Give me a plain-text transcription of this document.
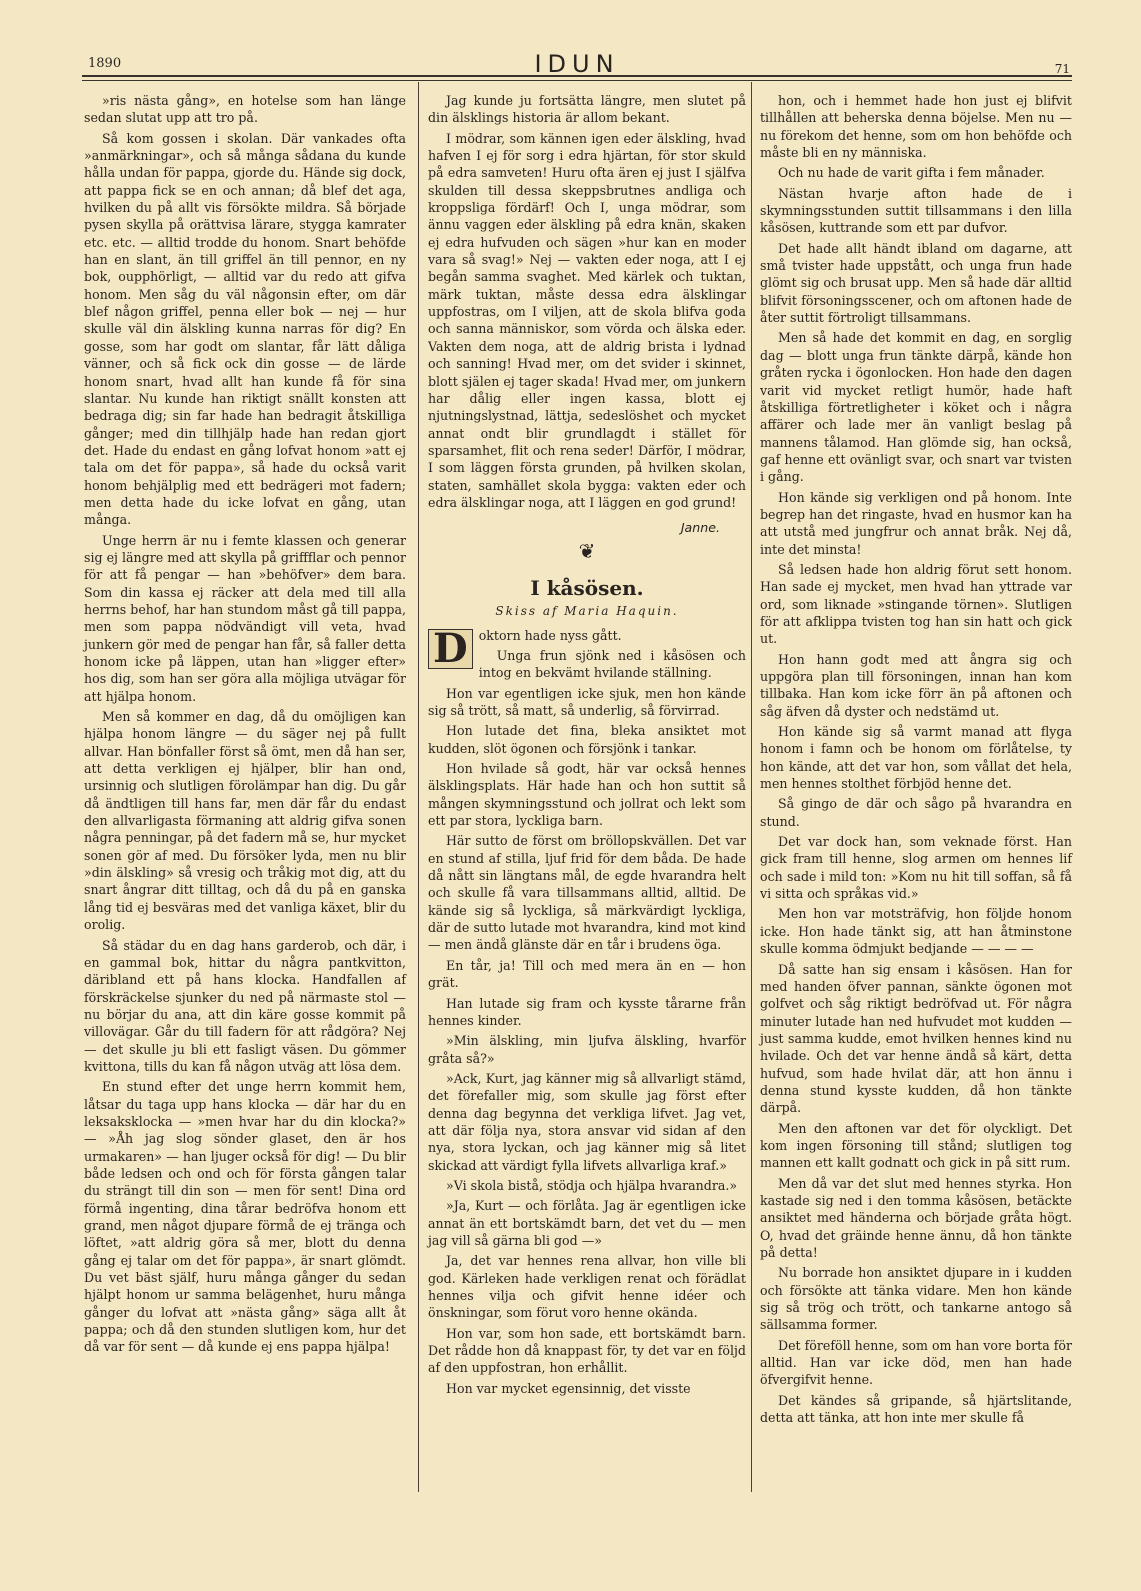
1890	IDUN	71

»ris nästa gång», en hotelse som han länge sedan slutat upp att tro på.

Så kom gossen i skolan. Där vankades ofta »anmärkningar», och så många sådana du kunde hålla undan för pappa, gjorde du. Hände sig dock, att pappa fick se en och annan; då blef det aga, hvilken du på allt vis försökte mildra. Så började pysen skylla på orättvisa lärare, stygga kamrater etc. etc. — alltid trodde du honom. Snart behöfde han en slant, än till griffel än till pennor, en ny bok, oupphörligt, — alltid var du redo att gifva honom. Men såg du väl någonsin efter, om där blef någon griffel, penna eller bok — nej — hur skulle väl din älskling kunna narras för dig? En gosse, som har godt om slantar, får lätt dåliga vänner, och så fick ock din gosse — de lärde honom snart, hvad allt han kunde få för sina slantar. Nu kunde han riktigt snällt konsten att bedraga dig; sin far hade han bedragit åtskilliga gånger; med din tillhjälp hade han redan gjort det. Hade du endast en gång lofvat honom »att ej tala om det för pappa», så hade du också varit honom behjälplig med ett bedrägeri mot fadern; men detta hade du icke lofvat en gång, utan många.

Unge herrn är nu i femte klassen och generar sig ej längre med att skylla på griffflar och pennor för att få pengar — han »behöfver» dem bara. Som din kassa ej räcker att dela med till alla herrns behof, har han stundom måst gå till pappa, men som pappa nödvändigt vill veta, hvad junkern gör med de pengar han får, så faller detta honom icke på läppen, utan han »ligger efter» hos dig, som han ser göra alla möjliga utvägar för att hjälpa honom.

Men så kommer en dag, då du omöjligen kan hjälpa honom längre — du säger nej på fullt allvar. Han bönfaller först så ömt, men då han ser, att detta verkligen ej hjälper, blir han ond, ursinnig och slutligen förolämpar han dig. Du går då ändtligen till hans far, men där får du endast den allvarligasta förmaning att aldrig gifva sonen några penningar, på det fadern må se, hur mycket sonen gör af med. Du försöker lyda, men nu blir »din älskling» så vresig och tråkig mot dig, att du snart ångrar ditt tilltag, och då du på en ganska lång tid ej besväras med det vanliga käxet, blir du orolig.

Så städar du en dag hans garderob, och där, i en gammal bok, hittar du några pantkvitton, däribland ett på hans klocka. Handfallen af förskräckelse sjunker du ned på närmaste stol — nu börjar du ana, att din käre gosse kommit på villovägar. Går du till fadern för att rådgöra? Nej — det skulle ju bli ett fasligt väsen. Du gömmer kvittona, tills du kan få någon utväg att lösa dem.

En stund efter det unge herrn kommit hem, låtsar du taga upp hans klocka — där har du en leksaksklocka — »men hvar har du din klocka?» — »Åh jag slog sönder glaset, den är hos urmakaren» — han ljuger också för dig! — Du blir både ledsen och ond och för första gången talar du strängt till din son — men för sent! Dina ord förmå ingenting, dina tårar bedröfva honom ett grand, men något djupare förmå de ej tränga och löftet, »att aldrig göra så mer, blott du denna gång ej talar om det för pappa», är snart glömdt. Du vet bäst själf, huru många gånger du sedan hjälpt honom ur samma belägenhet, huru många gånger du lofvat att »nästa gång» säga allt åt pappa; och då den stunden slutligen kom, hur det då var för sent — då kunde ej ens pappa hjälpa!

Jag kunde ju fortsätta längre, men slutet på din älsklings historia är allom bekant.

I mödrar, som kännen igen eder älskling, hvad hafven I ej för sorg i edra hjärtan, för stor skuld på edra samveten! Huru ofta ären ej just I själfva skulden till dessa skeppsbrutnes andliga och kroppsliga fördärf! Och I, unga mödrar, som ännu vaggen eder älskling på edra knän, skaken ej edra hufvuden och sägen »hur kan en moder vara så svag!» Nej — vakten eder noga, att I ej begån samma svaghet. Med kärlek och tuktan, märk tuktan, måste dessa edra älsklingar uppfostras, om I viljen, att de skola blifva goda och sanna människor, som vörda och älska eder. Vakten dem noga, att de aldrig brista i lydnad och sanning! Hvad mer, om det svider i skinnet, blott själen ej tager skada! Hvad mer, om junkern har dålig eller ingen kassa, blott ej njutningslystnad, lättja, sedeslöshet och mycket annat ondt blir grundlagdt i stället för sparsamhet, flit och rena seder! Därför, I mödrar, I som läggen första grunden, på hvilken skolan, staten, samhället skola bygga: vakten eder och edra älsklingar noga, att I läggen en god grund!

Janne.
❦
I kåsösen.
Skiss af Maria Haquin.

D oktorn hade nyss gått.

Unga frun sjönk ned i kåsösen och intog en bekvämt hvilande ställning.

Hon var egentligen icke sjuk, men hon kände sig så trött, så matt, så underlig, så förvirrad.

Hon lutade det fina, bleka ansiktet mot kudden, slöt ögonen och försjönk i tankar.

Hon hvilade så godt, här var också hennes älsklingsplats. Här hade han och hon suttit så mången skymningsstund och jollrat och lekt som ett par stora, lyckliga barn.

Här sutto de först om bröllopskvällen. Det var en stund af stilla, ljuf frid för dem båda. De hade då nått sin längtans mål, de egde hvarandra helt och skulle få vara tillsammans alltid, alltid. De kände sig så lyckliga, så märkvärdigt lyckliga, där de sutto lutade mot hvarandra, kind mot kind — men ändå glänste där en tår i brudens öga.

En tår, ja! Till och med mera än en — hon grät.

Han lutade sig fram och kysste tårarne från hennes kinder.

»Min älskling, min ljufva älskling, hvarför gråta så?»

»Ack, Kurt, jag känner mig så allvarligt stämd, det förefaller mig, som skulle jag först efter denna dag begynna det verkliga lifvet. Jag vet, att där följa nya, stora ansvar vid sidan af den nya, stora lyckan, och jag känner mig så litet skickad att värdigt fylla lifvets allvarliga kraf.»

»Vi skola bistå, stödja och hjälpa hvarandra.»

»Ja, Kurt — och förlåta. Jag är egentligen icke annat än ett bortskämdt barn, det vet du — men jag vill så gärna bli god —»

Ja, det var hennes rena allvar, hon ville bli god. Kärleken hade verkligen renat och förädlat hennes vilja och gifvit henne idéer och önskningar, som förut voro henne okända.

Hon var, som hon sade, ett bortskämdt barn. Det rådde hon då knappast för, ty det var en följd af den uppfostran, hon erhållit.

Hon var mycket egensinnig, det visste

hon, och i hemmet hade hon just ej blifvit tillhållen att beherska denna böjelse. Men nu — nu förekom det henne, som om hon behöfde och måste bli en ny människa.

Och nu hade de varit gifta i fem månader.

Nästan hvarje afton hade de i skymningsstunden suttit tillsammans i den lilla kåsösen, kuttrande som ett par dufvor.

Det hade allt händt ibland om dagarne, att små tvister hade uppstått, och unga frun hade glömt sig och brusat upp. Men så hade där alltid blifvit försoningsscener, och om aftonen hade de åter suttit förtroligt tillsammans.

Men så hade det kommit en dag, en sorglig dag — blott unga frun tänkte därpå, kände hon gråten rycka i ögonlocken. Hon hade den dagen varit vid mycket retligt humör, hade haft åtskilliga förtretligheter i köket och i några affärer och lade mer än vanligt beslag på mannens tålamod. Han glömde sig, han också, gaf henne ett ovänligt svar, och snart var tvisten i gång.

Hon kände sig verkligen ond på honom. Inte begrep han det ringaste, hvad en husmor kan ha att utstå med jungfrur och annat bråk. Nej då, inte det minsta!

Så ledsen hade hon aldrig förut sett honom. Han sade ej mycket, men hvad han yttrade var ord, som liknade »stingande törnen». Slutligen för att afklippa tvisten tog han sin hatt och gick ut.

Hon hann godt med att ångra sig och uppgöra plan till försoningen, innan han kom tillbaka. Han kom icke förr än på aftonen och såg äfven då dyster och nedstämd ut.

Hon kände sig så varmt manad att flyga honom i famn och be honom om förlåtelse, ty hon kände, att det var hon, som vållat det hela, men hennes stolthet förbjöd henne det.

Så gingo de där och sågo på hvarandra en stund.

Det var dock han, som veknade först. Han gick fram till henne, slog armen om hennes lif och sade i mild ton: »Kom nu hit till soffan, så få vi sitta och språkas vid.»

Men hon var motsträfvig, hon följde honom icke. Hon hade tänkt sig, att han åtminstone skulle komma ödmjukt bedjande — — — —

Då satte han sig ensam i kåsösen. Han for med handen öfver pannan, sänkte ögonen mot golfvet och såg riktigt bedröfvad ut. För några minuter lutade han ned hufvudet mot kudden — just samma kudde, emot hvilken hennes kind nu hvilade. Och det var henne ändå så kärt, detta hufvud, som hade hvilat där, att hon ännu i denna stund kysste kudden, då hon tänkte därpå.

Men den aftonen var det för olyckligt. Det kom ingen försoning till stånd; slutligen tog mannen ett kallt godnatt och gick in på sitt rum.

Men då var det slut med hennes styrka. Hon kastade sig ned i den tomma kåsösen, betäckte ansiktet med händerna och började gråta högt. O, hvad det gräinde henne ännu, då hon tänkte på detta!

Nu borrade hon ansiktet djupare in i kudden och försökte att tänka vidare. Men hon kände sig så trög och trött, och tankarne antogo så sällsamma former.

Det föreföll henne, som om han vore borta för alltid. Han var icke död, men han hade öfvergifvit henne.

Det kändes så gripande, så hjärtslitande, detta att tänka, att hon inte mer skulle få
